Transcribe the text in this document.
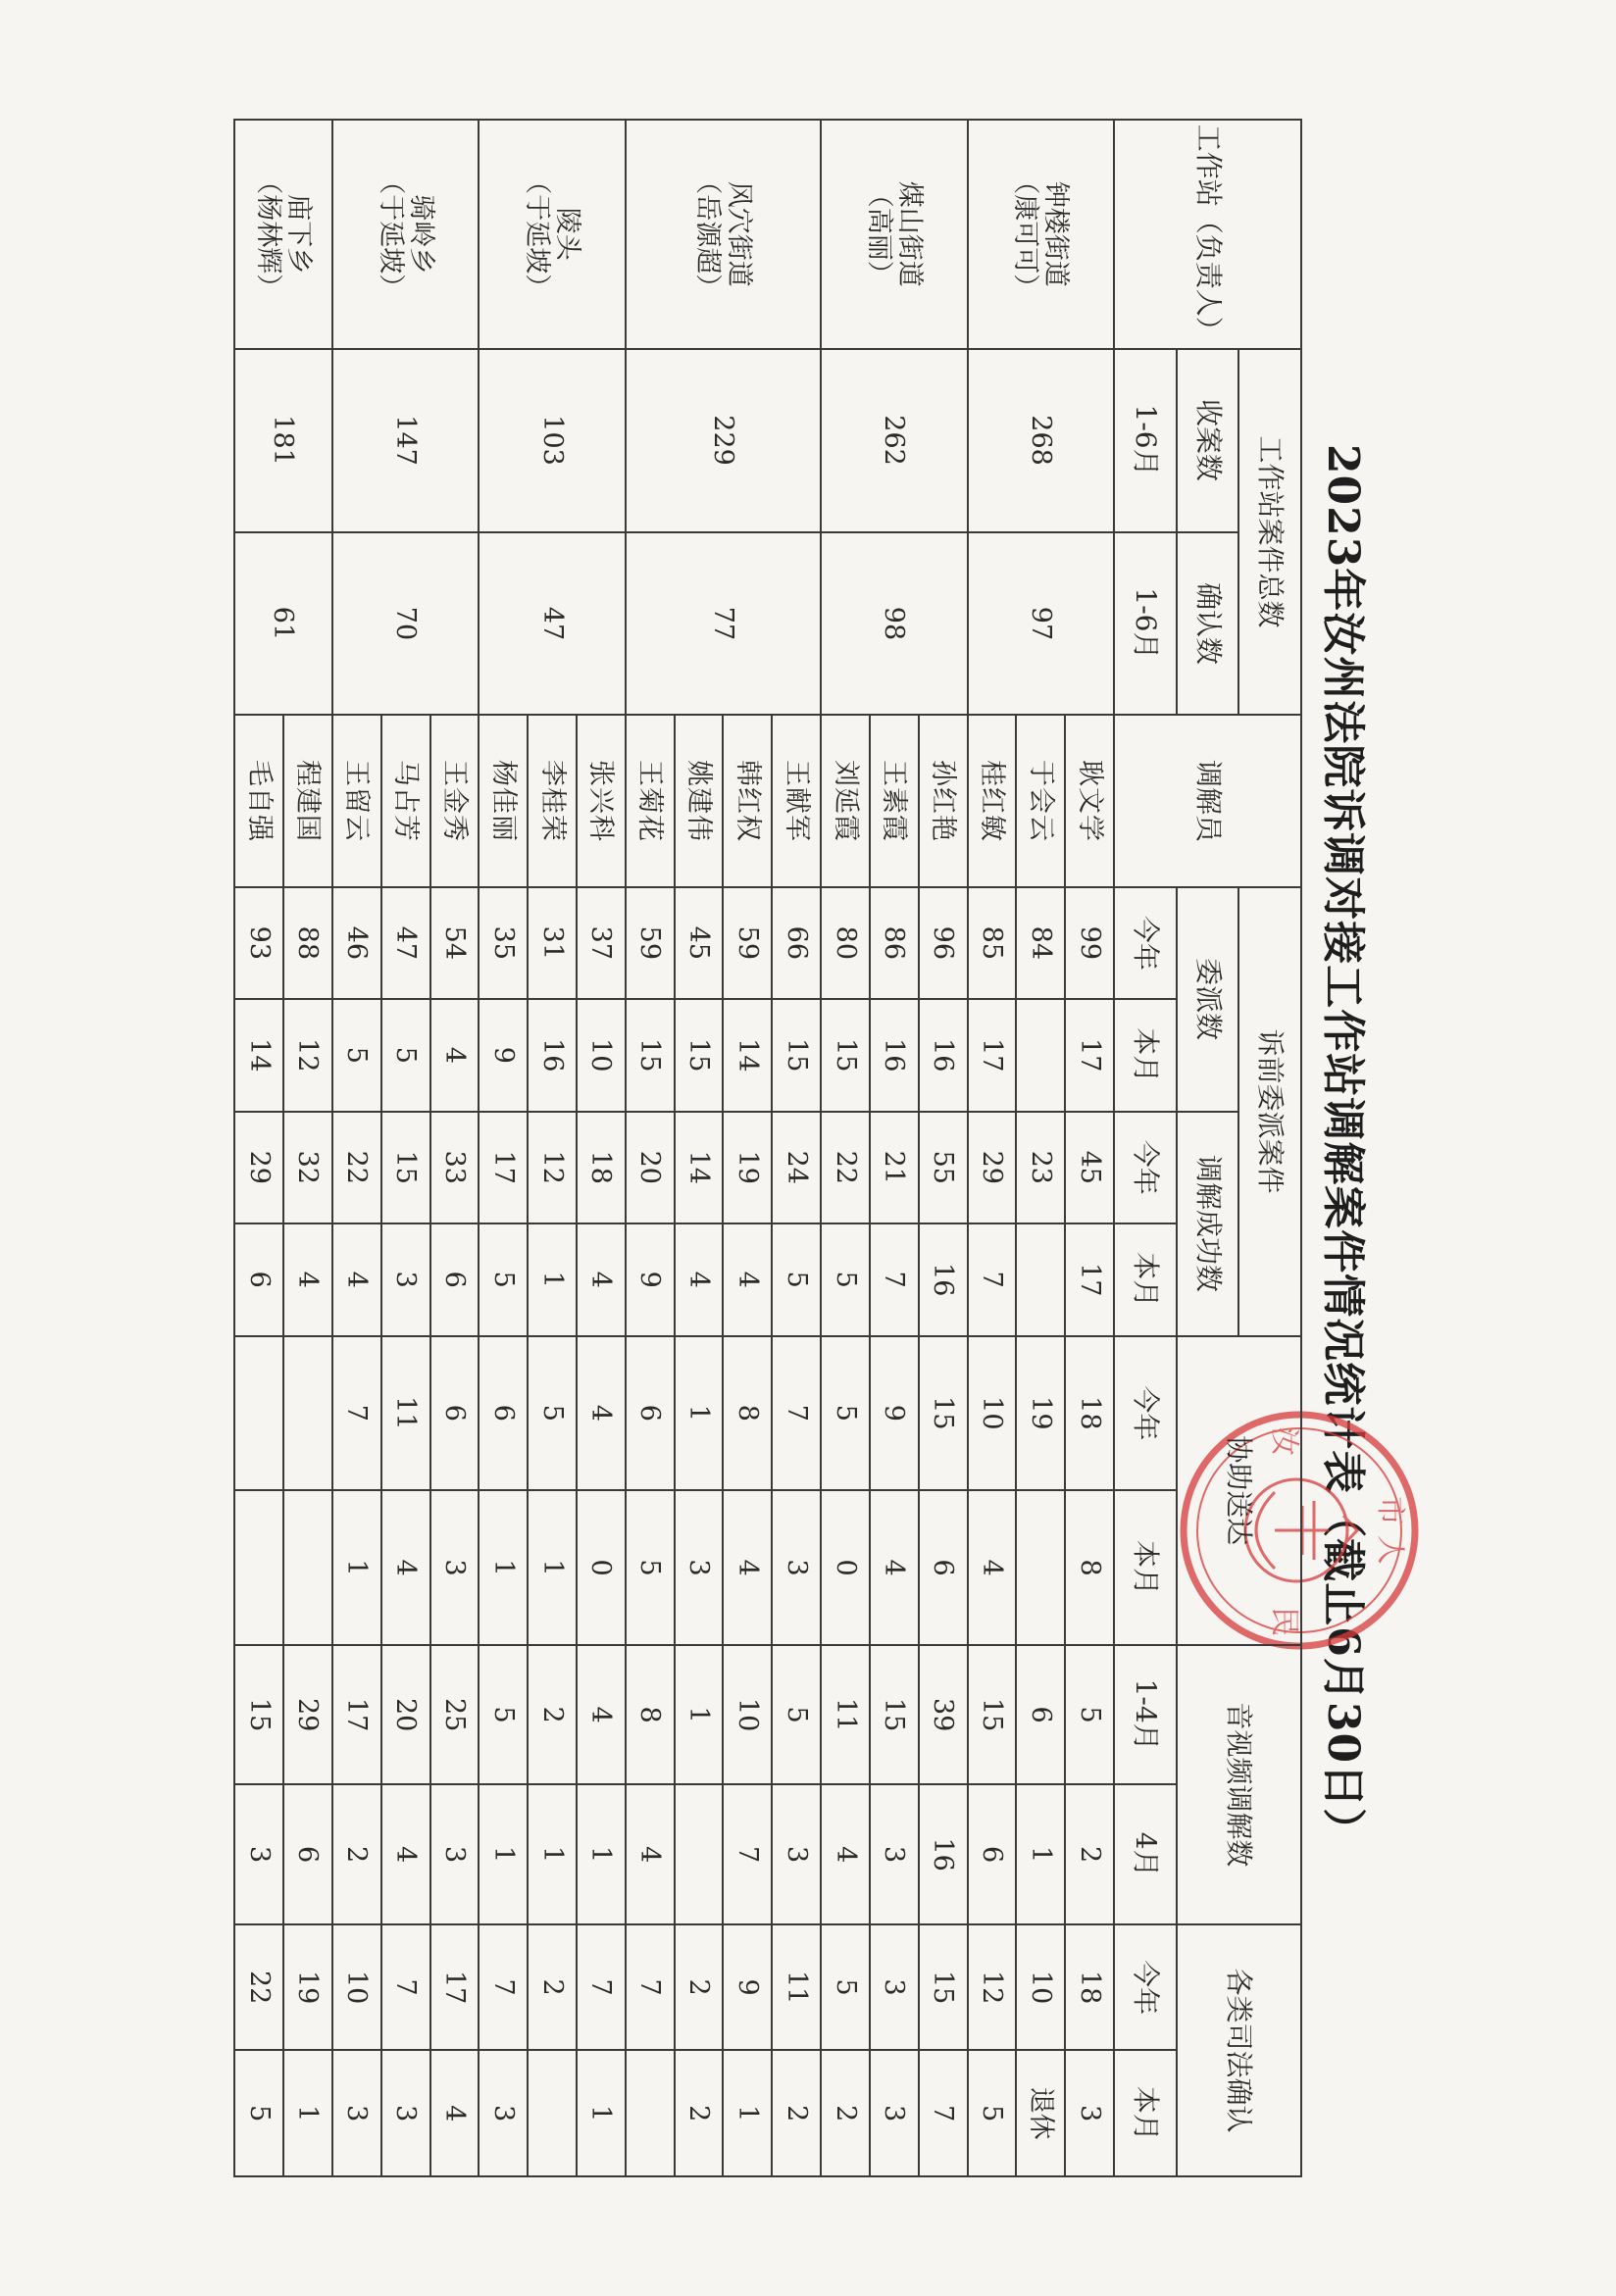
2023年汝州法院诉调对接工作站调解案件情况统计表（截止6月30日） 市 人
汝
民
工作站（负责人）	工作站案件总数		调解员	诉前委派案件				协助送达		音视频调解数		各类司法确认	
	收案数	确认数		委派数		调解成功数							
	1-6月	1-6月		今年	本月	今年	本月	今年	本月	1-4月	4月	今年	本月

钟楼街道
（康可可）	268	97	耿文学	99	17	45	17	18	8	5	2	18	3
			于会云	84		23		19		6	1	10	退休
			桂红敏	85	17	29	7	10	4	15	6	12	5

煤山街道
（高丽）	262	98	孙红艳	96	16	55	16	15	6	39	16	15	7
			王素霞	86	16	21	7	9	4	15	3	3	3
			刘延霞	80	15	22	5	5	0	11	4	5	2

风穴街道
（岳源超）	229	77	王献军	66	15	24	5	7	3	5	3	11	2
			韩红权	59	14	19	4	8	4	10	7	9	1
			姚建伟	45	15	14	4	1	3	1		2	2
			王菊花	59	15	20	9	6	5	8	4	7	

陵头
（于延坡）	103	47	张兴科	37	10	18	4	4	0	4	1	7	1
			李桂荣	31	16	12	1	5	1	2	1	2	
			杨佳丽	35	9	17	5	6	1	5	1	7	3

骑岭乡
（于延坡）	147	70	王金秀	54	4	33	6	6	3	25	3	17	4
			马占芳	47	5	15	3	11	4	20	4	7	3
			王留云	46	5	22	4	7	1	17	2	10	3

庙下乡
（杨林辉）	181	61	程建国	88	12	32	4			29	6	19	1
			毛自强	93	14	29	6			15	3	22	5
